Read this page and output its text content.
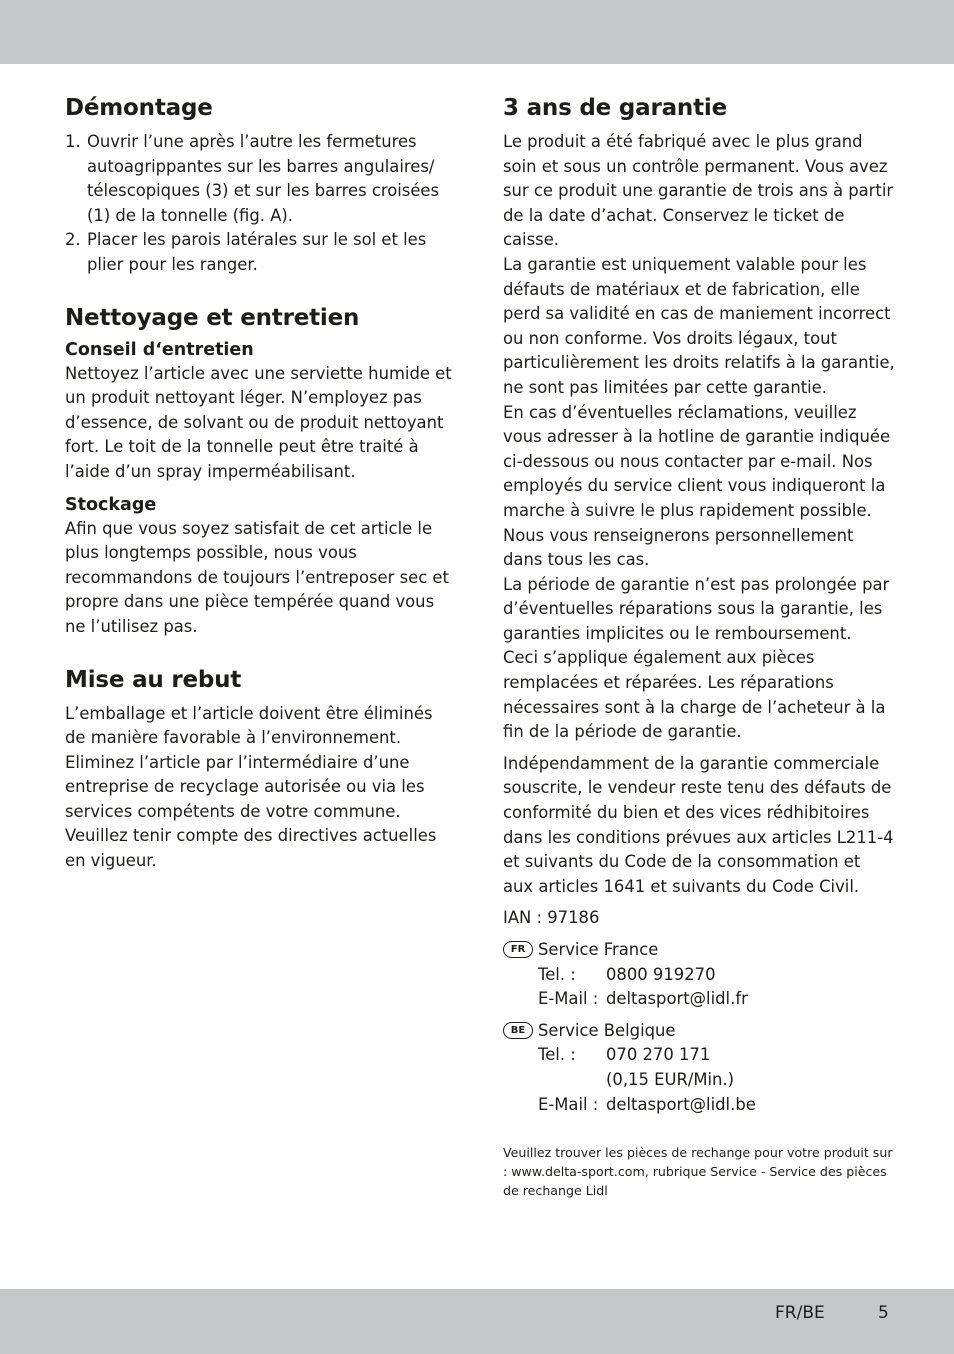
Démontage
1. Ouvrir l’une après l’autre les fermetures autoagrippantes sur les barres angulaires/ télescopiques (3) et sur les barres croisées (1) de la tonnelle (fig. A).
2. Placer les parois latérales sur le sol et les plier pour les ranger.
Nettoyage et entretien
Conseil d‘entretien

Nettoyez l’article avec une serviette humide et un produit nettoyant léger. N’employez pas d’essence, de solvant ou de produit nettoyant fort. Le toit de la tonnelle peut être traité à l’aide d’un spray imperméabilisant.

Stockage

Afin que vous soyez satisfait de cet article le plus longtemps possible, nous vous recommandons de toujours l’entreposer sec et propre dans une pièce tempérée quand vous ne l’utilisez pas.

Mise au rebut

L’emballage et l’article doivent être éliminés de manière favorable à l’environnement.

Eliminez l’article par l’intermédiaire d’une entreprise de recyclage autorisée ou via les services compétents de votre commune. Veuillez tenir compte des directives actuelles en vigueur.

3 ans de garantie

Le produit a été fabriqué avec le plus grand soin et sous un contrôle permanent. Vous avez sur ce produit une garantie de trois ans à partir de la date d’achat. Conservez le ticket de caisse.

La garantie est uniquement valable pour les défauts de matériaux et de fabrication, elle perd sa validité en cas de maniement incorrect ou non conforme. Vos droits légaux, tout particulièrement les droits relatifs à la garantie, ne sont pas limitées par cette garantie.

En cas d’éventuelles réclamations, veuillez vous adresser à la hotline de garantie indiquée ci-dessous ou nous contacter par e-mail. Nos employés du service client vous indiqueront la marche à suivre le plus rapidement possible. Nous vous renseignerons personnellement dans tous les cas.

La période de garantie n’est pas prolongée par d’éventuelles réparations sous la garantie, les garanties implicites ou le remboursement.

Ceci s’applique également aux pièces remplacées et réparées. Les réparations nécessaires sont à la charge de l’acheteur à la fin de la période de garantie.

Indépendamment de la garantie commerciale souscrite, le vendeur reste tenu des défauts de conformité du bien et des vices rédhibitoires dans les conditions prévues aux articles L211-4 et suivants du Code de la consommation et aux articles 1641 et suivants du Code Civil.

IAN : 97186

FR Service France
Tel. :	0800 919270
E-Mail : deltasport@lidl.fr
BE Service Belgique
Tel. :	070 270 171
(0,15 EUR/Min.)
E-Mail : deltasport@lidl.be

Veuillez trouver les pièces de rechange pour votre produit sur : www.delta-sport.com, rubrique Service - Service des pièces de rechange Lidl

FR/BE	5
